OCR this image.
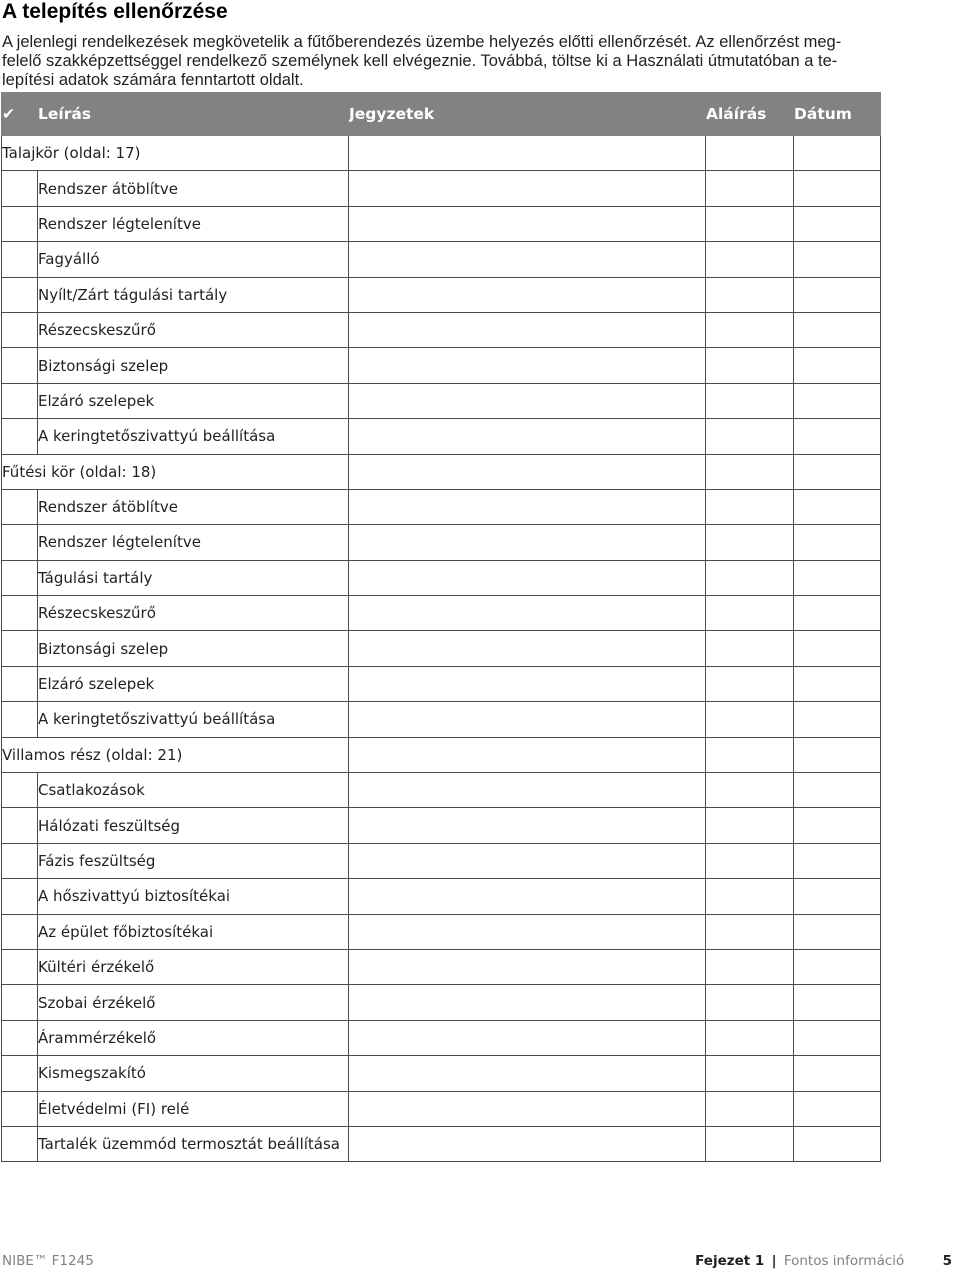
A telepítés ellenőrzése
A jelenlegi rendelkezések megkövetelik a fűtőberendezés üzembe helyezés előtti ellenőrzését. Az ellenőrzést meg-
felelő szakképzettséggel rendelkező személynek kell elvégeznie. Továbbá, töltse ki a Használati útmutatóban a te-
lepítési adatok számára fenntartott oldalt.
✔	Leírás	Jegyzetek	Aláírás	Dátum
Talajkör (oldal: 17)				
	Rendszer átöblítve			
	Rendszer légtelenítve			
	Fagyálló			
	Nyílt/Zárt tágulási tartály			
	Részecskeszűrő			
	Biztonsági szelep			
	Elzáró szelepek			
	A keringtetőszivattyú beállítása			
Fűtési kör (oldal: 18)				
	Rendszer átöblítve			
	Rendszer légtelenítve			
	Tágulási tartály			
	Részecskeszűrő			
	Biztonsági szelep			
	Elzáró szelepek			
	A keringtetőszivattyú beállítása			
Villamos rész (oldal: 21)				
	Csatlakozások			
	Hálózati feszültség			
	Fázis feszültség			
	A hőszivattyú biztosítékai			
	Az épület főbiztosítékai			
	Kültéri érzékelő			
	Szobai érzékelő			
	Árammérzékelő			
	Kismegszakító			
	Életvédelmi (FI) relé			
	Tartalék üzemmód termosztát beállítása			
NIBE™ F1245	Fejezet 1 | Fontos információ	5
